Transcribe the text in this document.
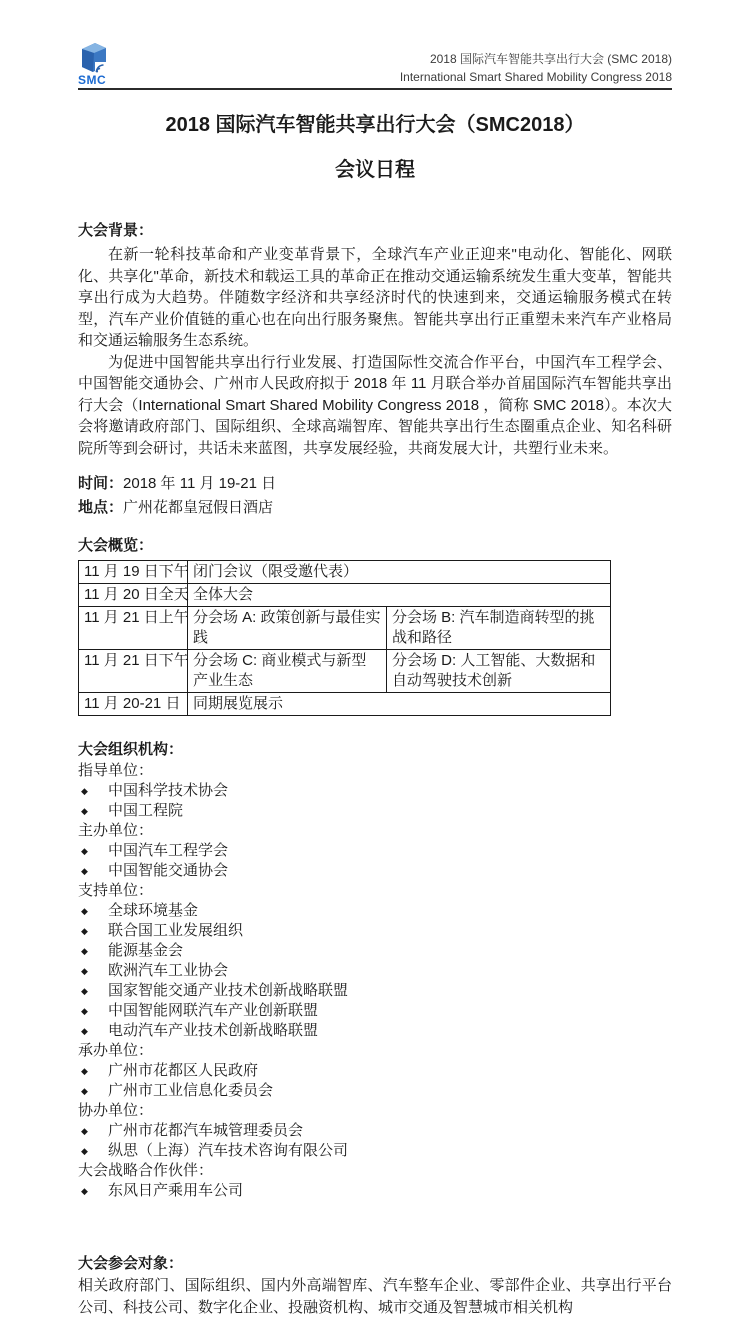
SMC
2018 国际汽车智能共享出行大会 (SMC 2018)
International Smart Shared Mobility Congress 2018
2018 国际汽车智能共享出行大会（SMC2018）
会议日程
大会背景：

在新一轮科技革命和产业变革背景下，全球汽车产业正迎来"电动化、智能化、网联化、共享化"革命，新技术和载运工具的革命正在推动交通运输系统发生重大变革，智能共享出行成为大趋势。伴随数字经济和共享经济时代的快速到来，交通运输服务模式在转型，汽车产业价值链的重心也在向出行服务聚焦。智能共享出行正重塑未来汽车产业格局和交通运输服务生态系统。

为促进中国智能共享出行行业发展、打造国际性交流合作平台，中国汽车工程学会、中国智能交通协会、广州市人民政府拟于 2018 年 11 月联合举办首届国际汽车智能共享出行大会（International Smart Shared Mobility Congress 2018 ，简称 SMC 2018）。本次大会将邀请政府部门、国际组织、全球高端智库、智能共享出行生态圈重点企业、知名科研院所等到会研讨，共话未来蓝图，共享发展经验，共商发展大计，共塑行业未来。

时间：2018 年 11 月 19-21 日
地点：广州花都皇冠假日酒店
大会概览：
11 月 19 日下午	闭门会议（限受邀代表）	
11 月 20 日全天	全体大会	
11 月 21 日上午	分会场 A: 政策创新与最佳实践	分会场 B: 汽车制造商转型的挑战和路径
11 月 21 日下午	分会场 C: 商业模式与新型产业生态	分会场 D: 人工智能、大数据和自动驾驶技术创新
11 月 20-21 日	同期展览展示	
大会组织机构：
指导单位：
◆	中国科学技术协会
◆	中国工程院
主办单位：
◆	中国汽车工程学会
◆	中国智能交通协会
支持单位：
◆	全球环境基金
◆	联合国工业发展组织
◆	能源基金会
◆	欧洲汽车工业协会
◆	国家智能交通产业技术创新战略联盟
◆	中国智能网联汽车产业创新联盟
◆	电动汽车产业技术创新战略联盟
承办单位：
◆	广州市花都区人民政府
◆	广州市工业信息化委员会
协办单位：
◆	广州市花都汽车城管理委员会
◆	纵思（上海）汽车技术咨询有限公司
大会战略合作伙伴：
◆	东风日产乘用车公司
大会参会对象：

相关政府部门、国际组织、国内外高端智库、汽车整车企业、零部件企业、共享出行平台公司、科技公司、数字化企业、投融资机构、城市交通及智慧城市相关机构
